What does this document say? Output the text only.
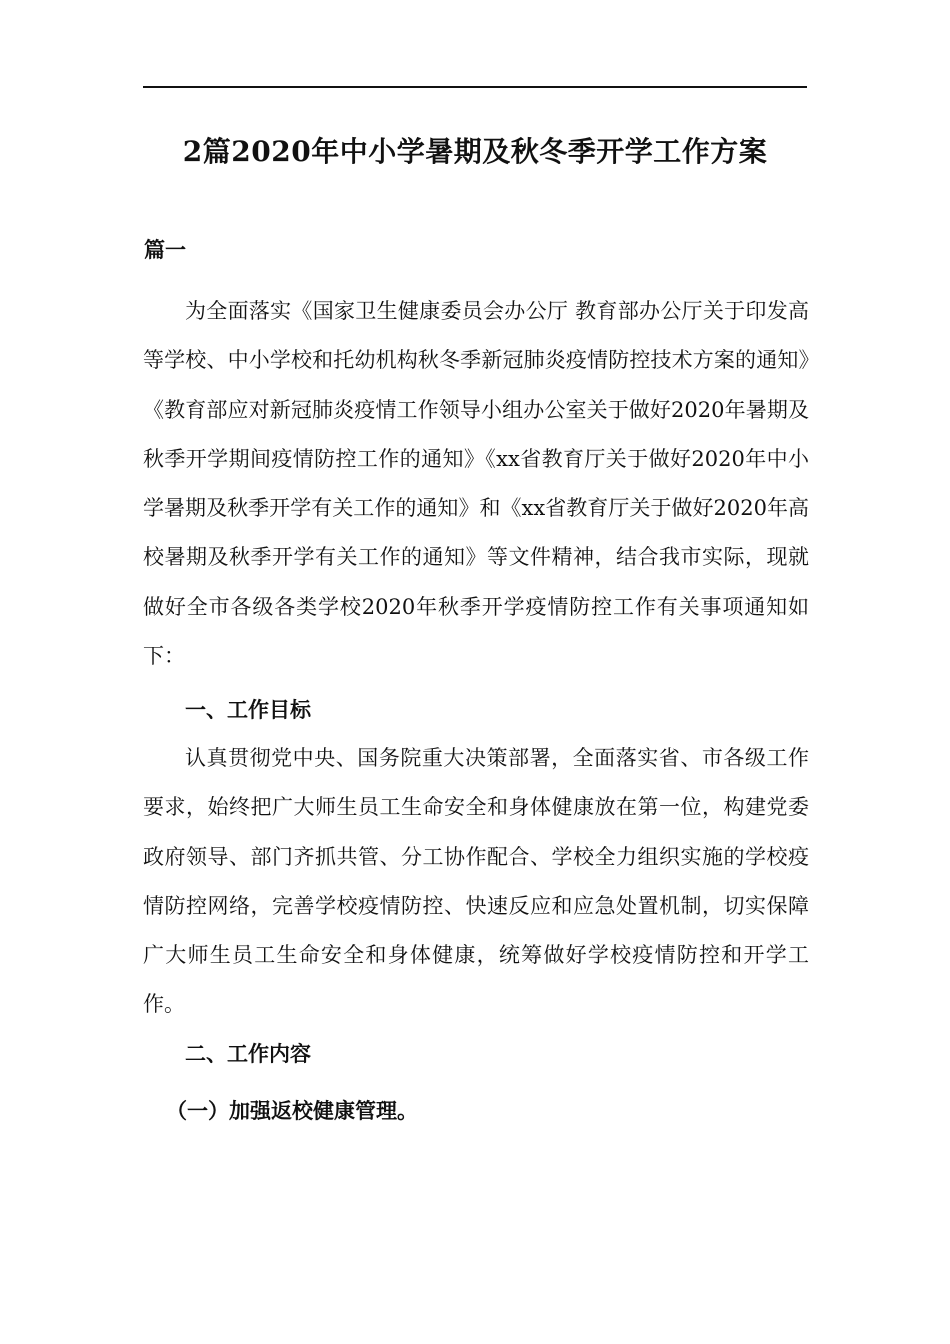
2篇2020年中小学暑期及秋冬季开学工作方案
篇一

为全面落实《国家卫生健康委员会办公厅 教育部办公厅关于印发高等学校、中小学校和托幼机构秋冬季新冠肺炎疫情防控技术方案的通知》《教育部应对新冠肺炎疫情工作领导小组办公室关于做好2020年暑期及秋季开学期间疫情防控工作的通知》《xx省教育厅关于做好2020年中小学暑期及秋季开学有关工作的通知》和《xx省教育厅关于做好2020年高校暑期及秋季开学有关工作的通知》等文件精神，结合我市实际，现就做好全市各级各类学校2020年秋季开学疫情防控工作有关事项通知如下：

一、工作目标

认真贯彻党中央、国务院重大决策部署，全面落实省、市各级工作要求，始终把广大师生员工生命安全和身体健康放在第一位，构建党委政府领导、部门齐抓共管、分工协作配合、学校全力组织实施的学校疫情防控网络，完善学校疫情防控、快速反应和应急处置机制，切实保障广大师生员工生命安全和身体健康，统筹做好学校疫情防控和开学工作。

二、工作内容
（一）加强返校健康管理。
